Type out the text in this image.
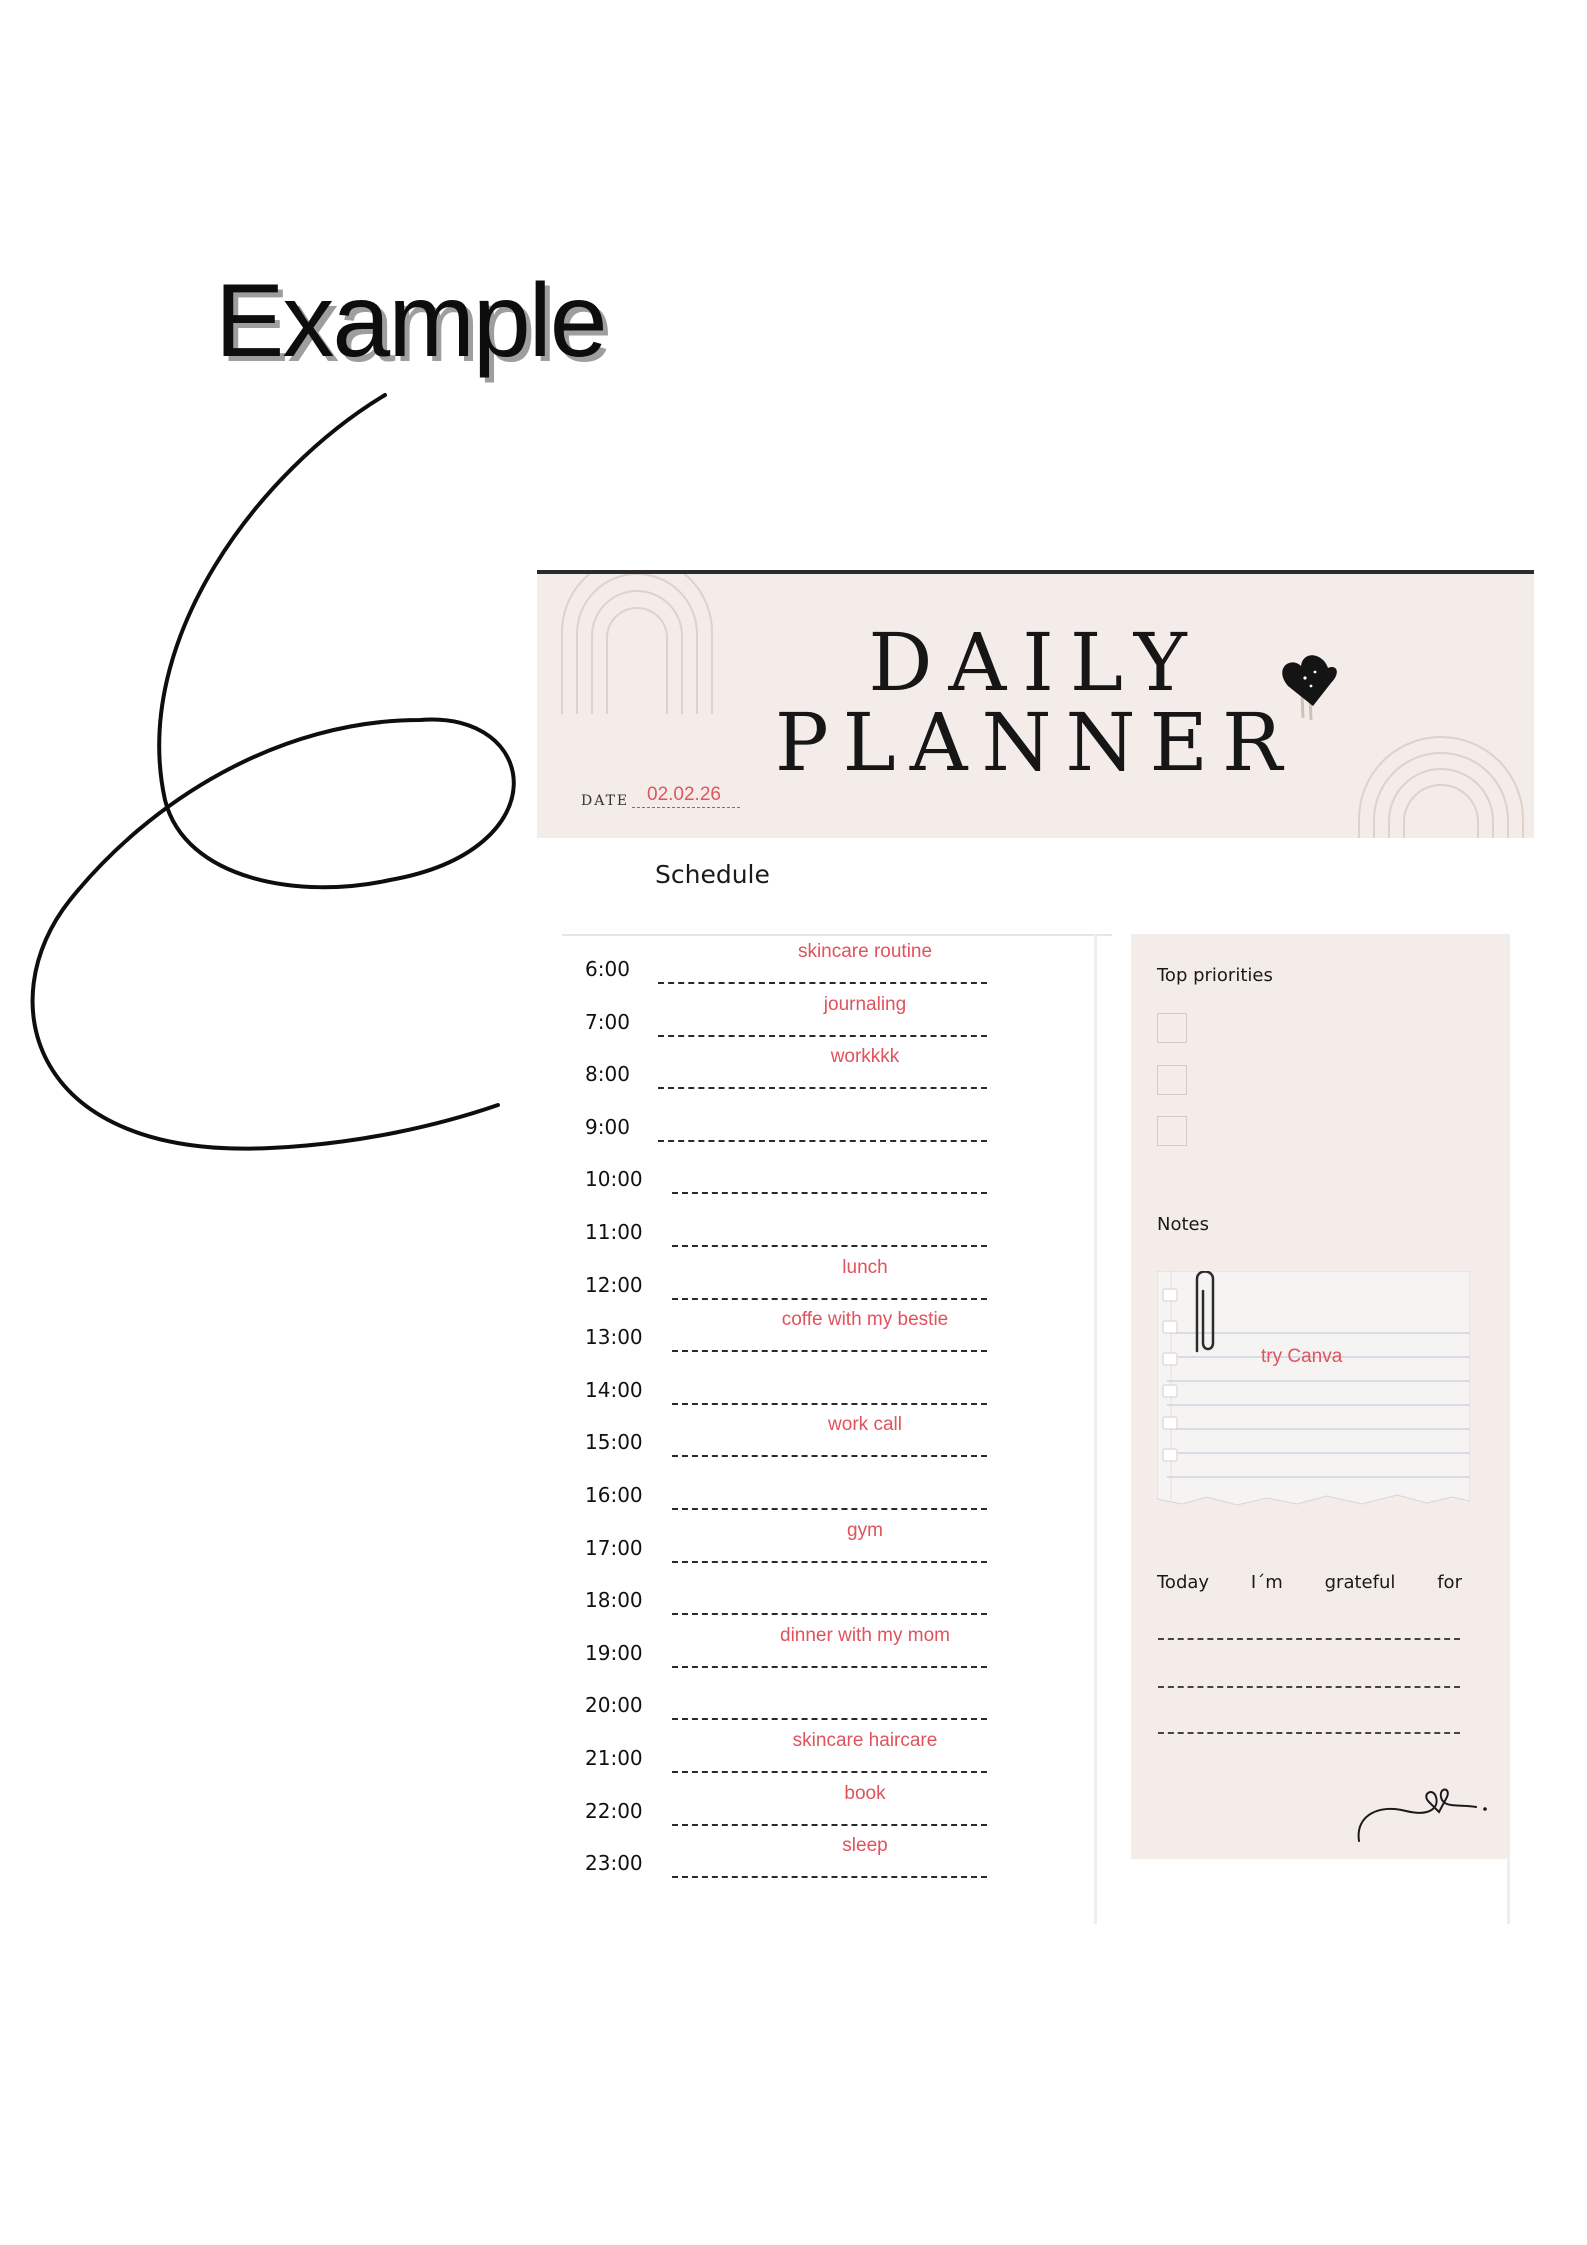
Example
DAILY
PLANNER
DATE 02.02.26
Schedule
6:00
skincare routine
7:00
journaling
8:00
workkkk
9:00
10:00
11:00
12:00
lunch
13:00
coffe with my bestie
14:00
15:00
work call
16:00
17:00
gym
18:00
19:00
dinner with my mom
20:00
21:00
skincare haircare
22:00
book
23:00
sleep
Top priorities
Notes
try Canva
Today I´m grateful for
